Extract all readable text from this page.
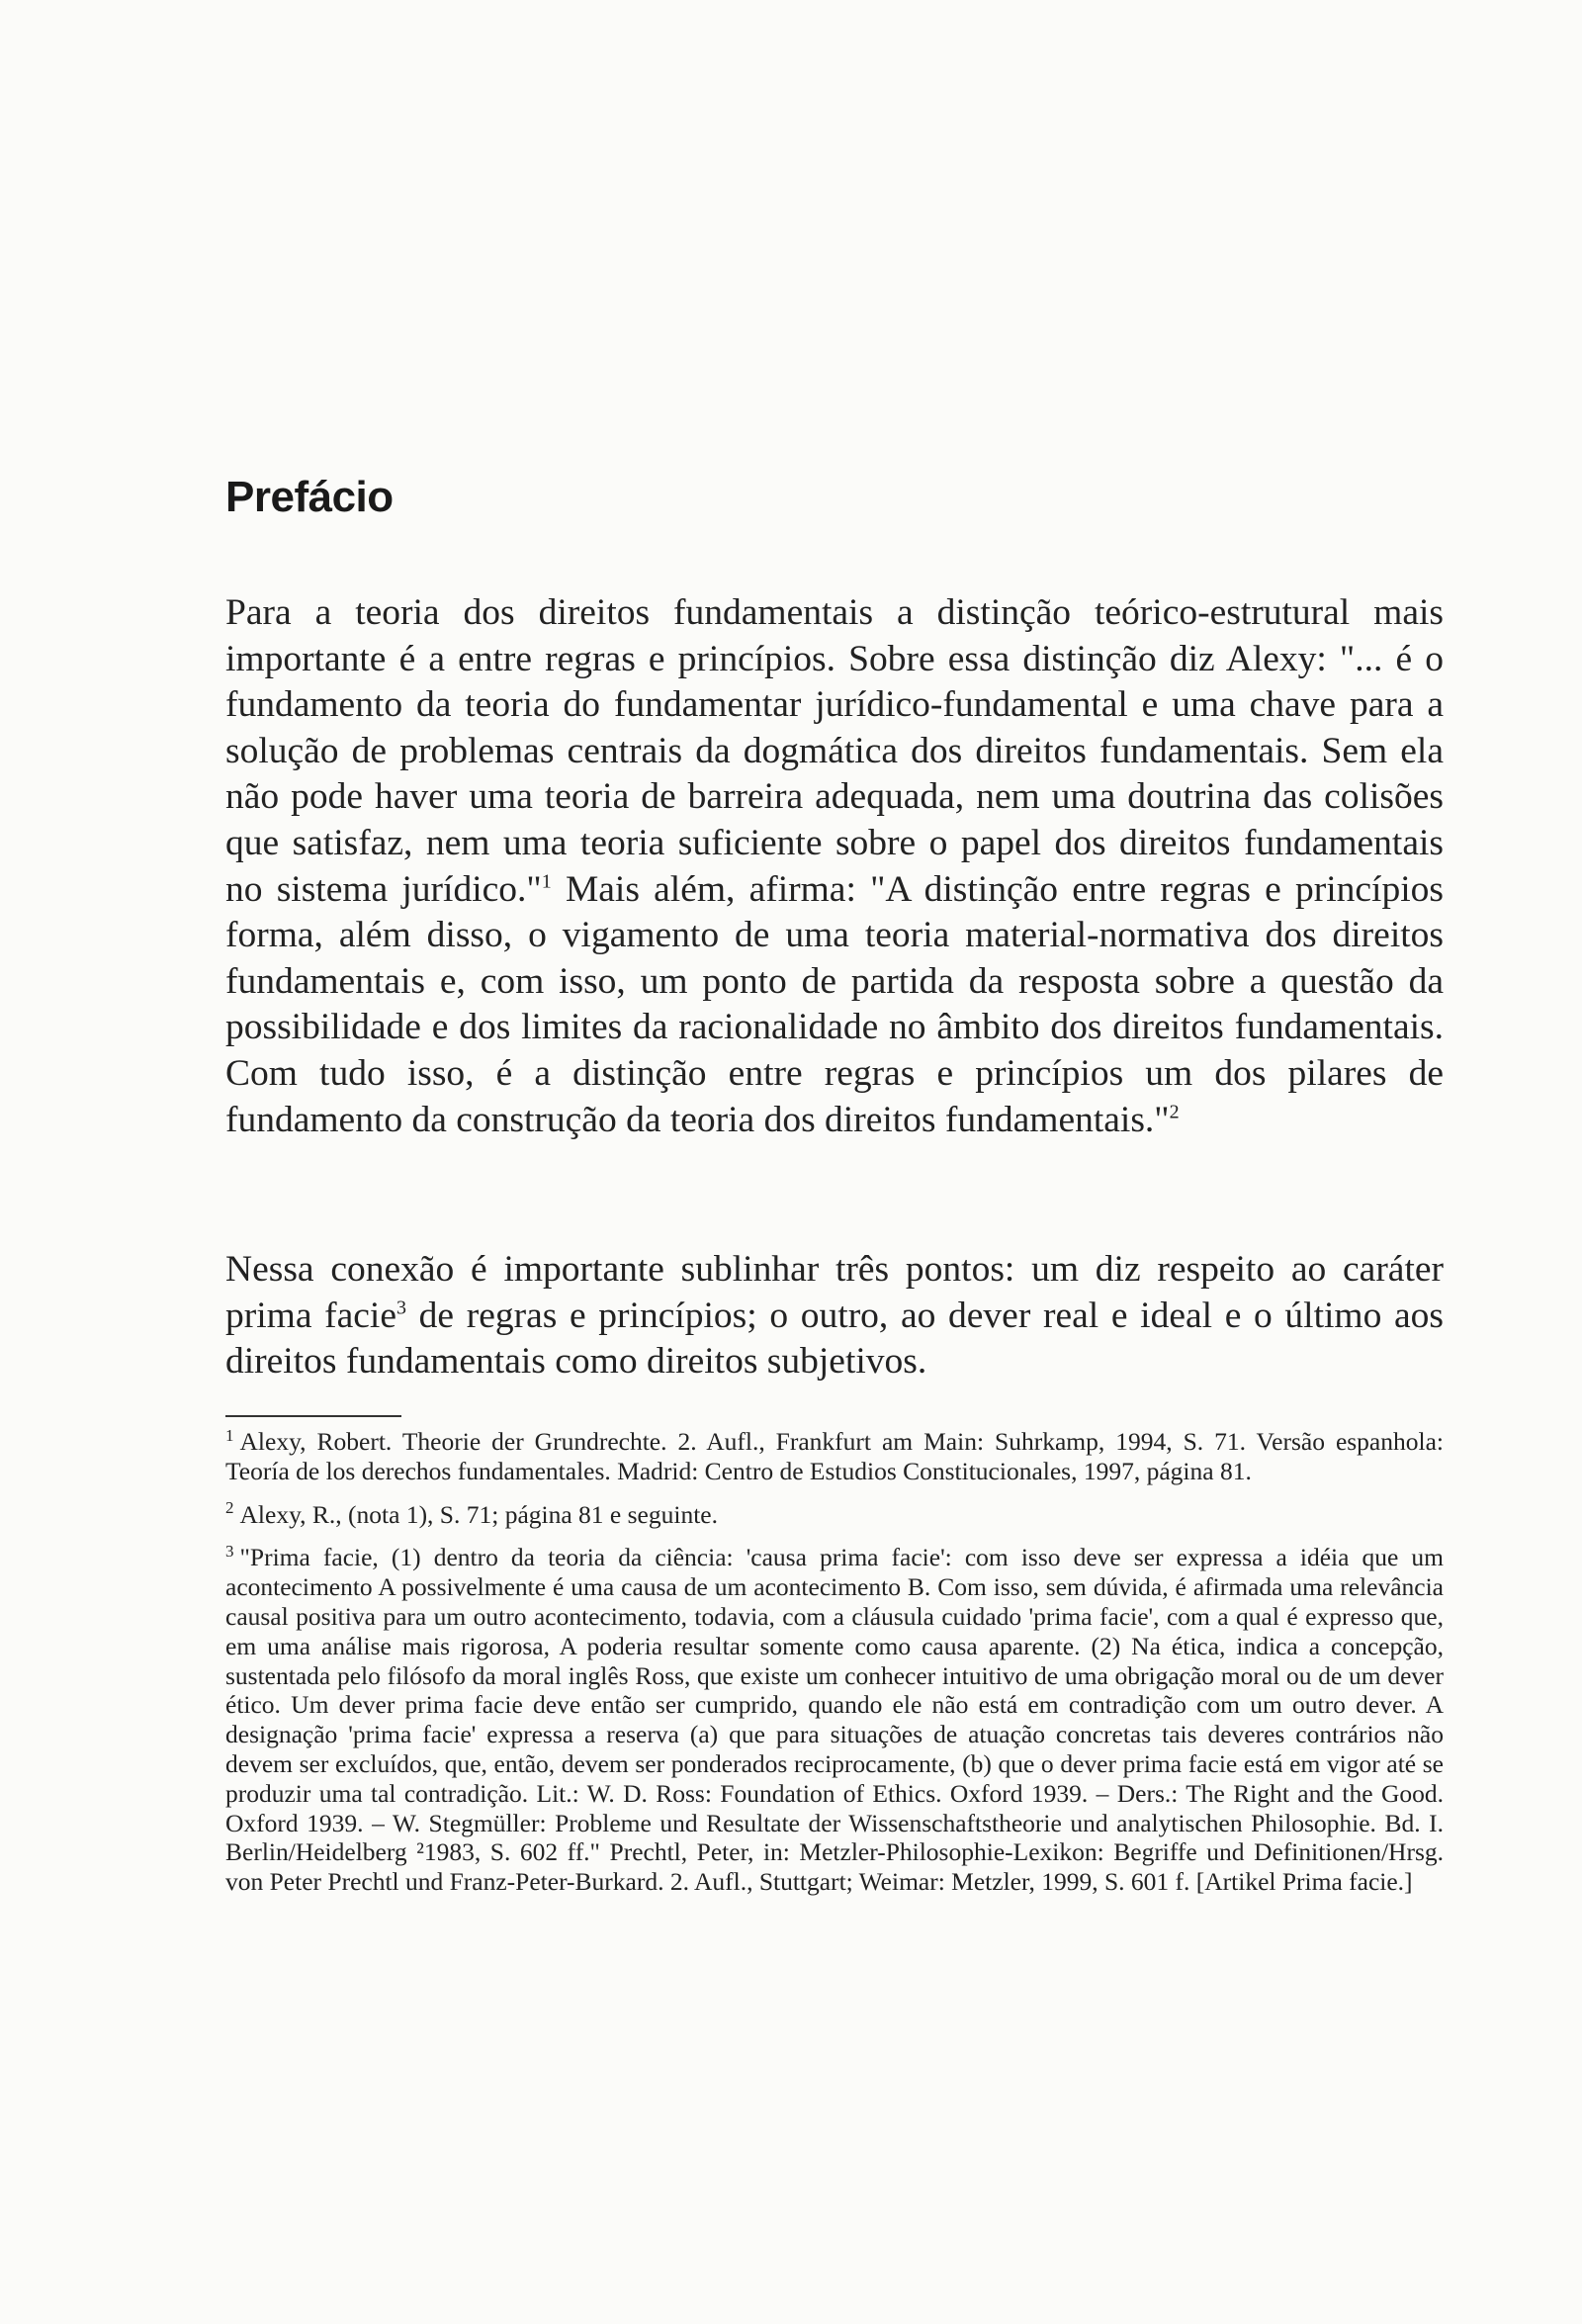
Prefácio

Para a teoria dos direitos fundamentais a distinção teórico-estrutural mais importante é a entre regras e princípios. Sobre essa distinção diz Alexy: "... é o fundamento da teoria do fundamentar jurídico-fundamental e uma chave para a solução de problemas centrais da dogmática dos direitos fundamentais. Sem ela não pode haver uma teoria de barreira adequada, nem uma doutrina das colisões que satisfaz, nem uma teoria suficiente sobre o papel dos direitos fundamentais no sistema jurídico."$^1$ Mais além, afirma: "A distinção entre regras e princípios forma, além disso, o vigamento de uma teoria material-normativa dos direitos fundamentais e, com isso, um ponto de partida da resposta sobre a questão da possibilidade e dos limites da racionalidade no âmbito dos direitos fundamentais. Com tudo isso, é a distinção entre regras e princípios um dos pilares de fundamento da construção da teoria dos direitos fundamentais."$^2$

Nessa conexão é importante sublinhar três pontos: um diz respeito ao caráter prima facie$^3$ de regras e princípios; o outro, ao dever real e ideal e o último aos direitos fundamentais como direitos subjetivos.

$^1$ Alexy, Robert. Theorie der Grundrechte. 2. Aufl., Frankfurt am Main: Suhrkamp, 1994, S. 71. Versão espanhola: Teoría de los derechos fundamentales. Madrid: Centro de Estudios Constitucionales, 1997, página 81.

$^2$ Alexy, R., (nota 1), S. 71; página 81 e seguinte.

$^3$ "Prima facie, (1) dentro da teoria da ciência: 'causa prima facie': com isso deve ser expressa a idéia que um acontecimento A possivelmente é uma causa de um acontecimento B. Com isso, sem dúvida, é afirmada uma relevância causal positiva para um outro acontecimento, todavia, com a cláusula cuidado 'prima facie', com a qual é expresso que, em uma análise mais rigorosa, A poderia resultar somente como causa aparente. (2) Na ética, indica a concepção, sustentada pelo filósofo da moral inglês Ross, que existe um conhecer intuitivo de uma obrigação moral ou de um dever ético. Um dever prima facie deve então ser cumprido, quando ele não está em contradição com um outro dever. A designação 'prima facie' expressa a reserva (a) que para situações de atuação concretas tais deveres contrários não devem ser excluídos, que, então, devem ser ponderados reciprocamente, (b) que o dever prima facie está em vigor até se produzir uma tal contradição. Lit.: W. D. Ross: Foundation of Ethics. Oxford 1939. – Ders.: The Right and the Good. Oxford 1939. – W. Stegmüller: Probleme und Resultate der Wissenschaftstheorie und analytischen Philosophie. Bd. I. Berlin/Heidelberg ²1983, S. 602 ff." Prechtl, Peter, in: Metzler-Philosophie-Lexikon: Begriffe und Definitionen/Hrsg. von Peter Prechtl und Franz-Peter-Burkard. 2. Aufl., Stuttgart; Weimar: Metzler, 1999, S. 601 f. [Artikel Prima facie.]
